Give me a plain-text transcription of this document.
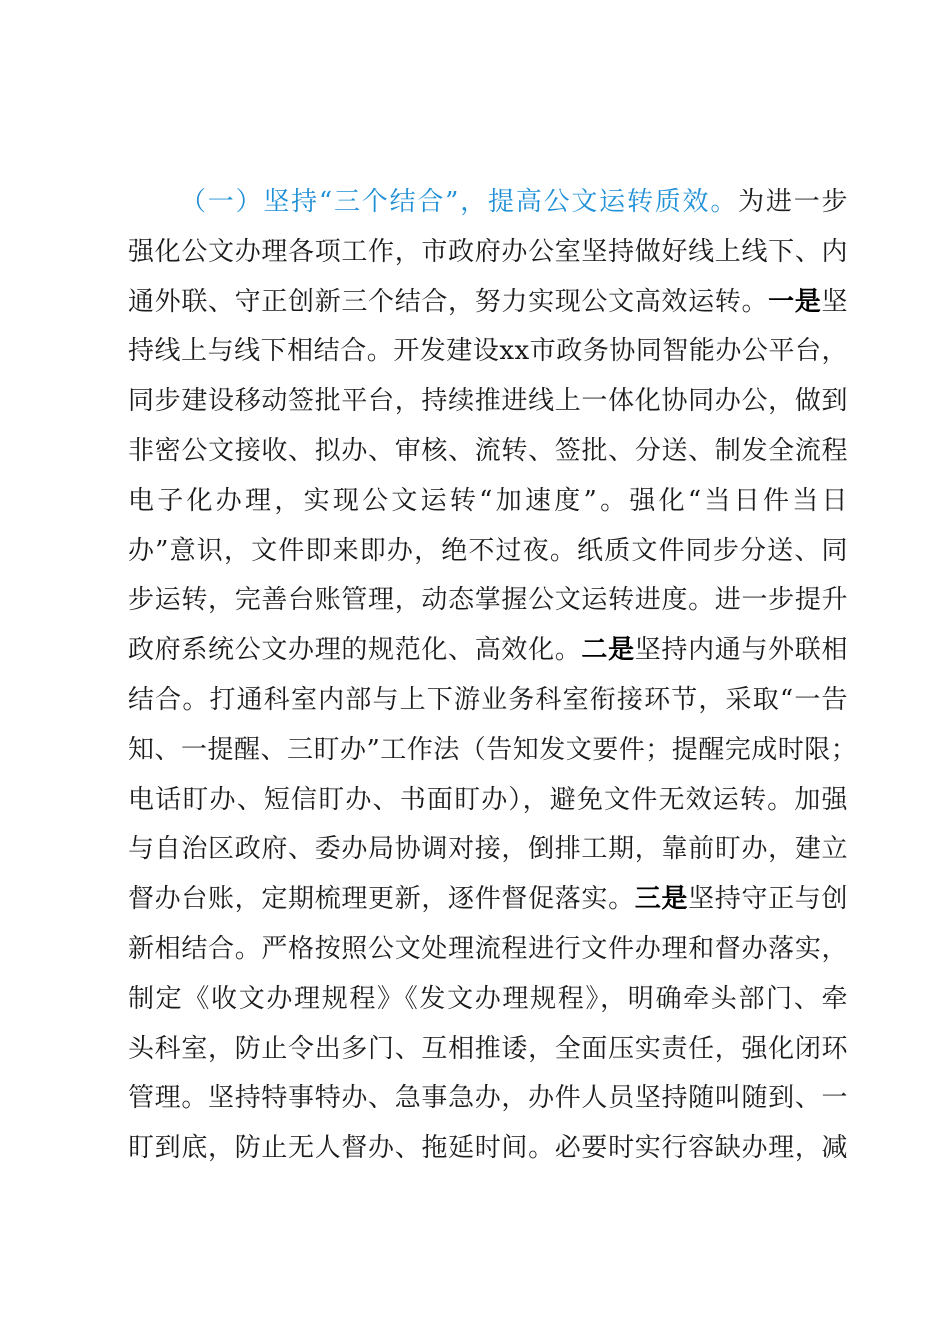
（一）坚持“三个结合”，提高公文运转质效。为进一步
强化公文办理各项工作，市政府办公室坚持做好线上线下、内
通外联、守正创新三个结合，努力实现公文高效运转。一是坚
持线上与线下相结合。开发建设xx市政务协同智能办公平台，
同步建设移动签批平台，持续推进线上一体化协同办公，做到
非密公文接收、拟办、审核、流转、签批、分送、制发全流程
电子化办理，实现公文运转“加速度”。强化“当日件当日
办”意识，文件即来即办，绝不过夜。纸质文件同步分送、同
步运转，完善台账管理，动态掌握公文运转进度。进一步提升
政府系统公文办理的规范化、高效化。二是坚持内通与外联相
结合。打通科室内部与上下游业务科室衔接环节，采取“一告
知、一提醒、三盯办”工作法（告知发文要件；提醒完成时限；
电话盯办、短信盯办、书面盯办），避免文件无效运转。加强
与自治区政府、委办局协调对接，倒排工期，靠前盯办，建立
督办台账，定期梳理更新，逐件督促落实。三是坚持守正与创
新相结合。严格按照公文处理流程进行文件办理和督办落实，
制定《收文办理规程》《发文办理规程》，明确牵头部门、牵
头科室，防止令出多门、互相推诿，全面压实责任，强化闭环
管理。坚持特事特办、急事急办，办件人员坚持随叫随到、一
盯到底，防止无人督办、拖延时间。必要时实行容缺办理，减
